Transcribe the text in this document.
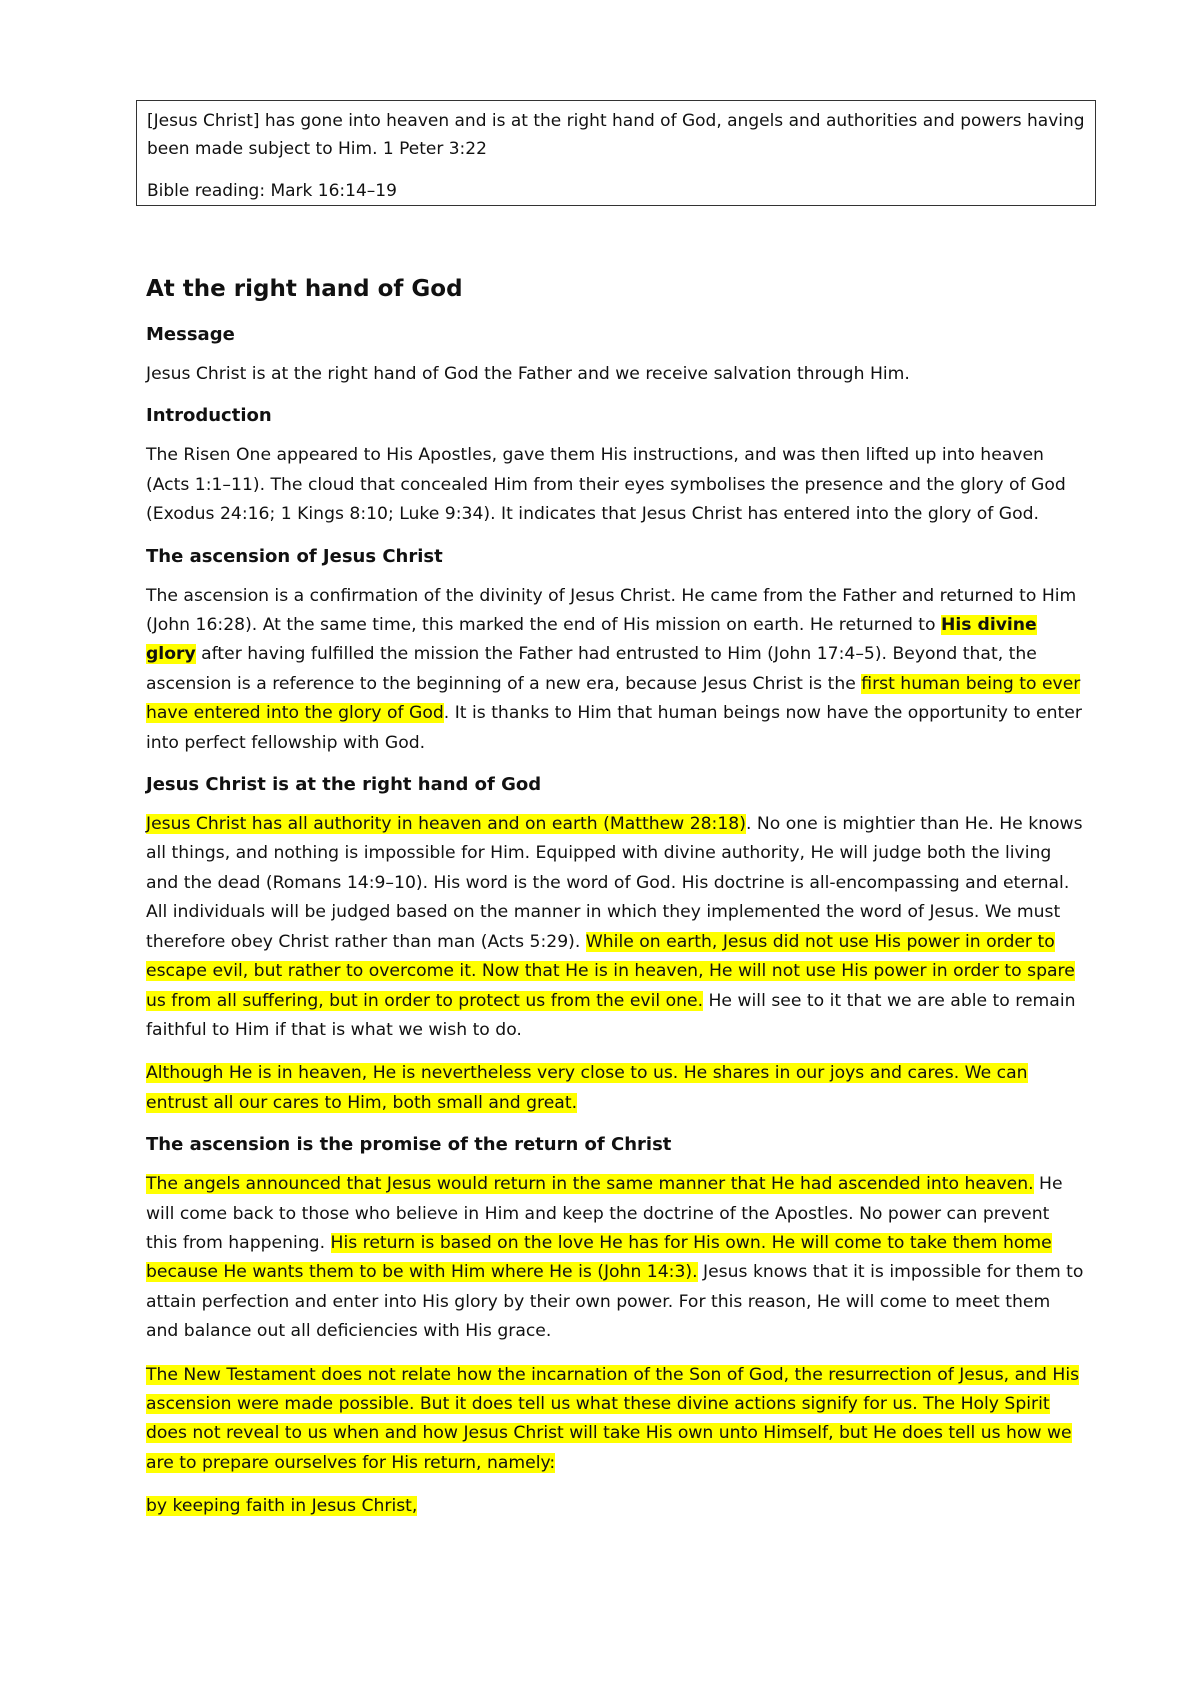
[Jesus Christ] has gone into heaven and is at the right hand of God, angels and authorities and powers having been made subject to Him. 1 Peter 3:22

Bible reading: Mark 16:14–19

At the right hand of God
Message

Jesus Christ is at the right hand of God the Father and we receive salvation through Him.

Introduction

The Risen One appeared to His Apostles, gave them His instructions, and was then lifted up into heaven (Acts 1:1–11). The cloud that concealed Him from their eyes symbolises the presence and the glory of God (Exodus 24:16; 1 Kings 8:10; Luke 9:34). It indicates that Jesus Christ has entered into the glory of God.

The ascension of Jesus Christ

The ascension is a confirmation of the divinity of Jesus Christ. He came from the Father and returned to Him (John 16:28). At the same time, this marked the end of His mission on earth. He returned to His divine glory after having fulfilled the mission the Father had entrusted to Him (John 17:4–5). Beyond that, the ascension is a reference to the beginning of a new era, because Jesus Christ is the first human being to ever have entered into the glory of God. It is thanks to Him that human beings now have the opportunity to enter into perfect fellowship with God.

Jesus Christ is at the right hand of God

Jesus Christ has all authority in heaven and on earth (Matthew 28:18). No one is mightier than He. He knows all things, and nothing is impossible for Him. Equipped with divine authority, He will judge both the living and the dead (Romans 14:9–10). His word is the word of God. His doctrine is all-encompassing and eternal. All individuals will be judged based on the manner in which they implemented the word of Jesus. We must therefore obey Christ rather than man (Acts 5:29). While on earth, Jesus did not use His power in order to escape evil, but rather to overcome it. Now that He is in heaven, He will not use His power in order to spare us from all suffering, but in order to protect us from the evil one. He will see to it that we are able to remain faithful to Him if that is what we wish to do.

Although He is in heaven, He is nevertheless very close to us. He shares in our joys and cares. We can entrust all our cares to Him, both small and great.

The ascension is the promise of the return of Christ

The angels announced that Jesus would return in the same manner that He had ascended into heaven. He will come back to those who believe in Him and keep the doctrine of the Apostles. No power can prevent this from happening. His return is based on the love He has for His own. He will come to take them home because He wants them to be with Him where He is (John 14:3). Jesus knows that it is impossible for them to attain perfection and enter into His glory by their own power. For this reason, He will come to meet them and balance out all deficiencies with His grace.

The New Testament does not relate how the incarnation of the Son of God, the resurrection of Jesus, and His ascension were made possible. But it does tell us what these divine actions signify for us. The Holy Spirit does not reveal to us when and how Jesus Christ will take His own unto Himself, but He does tell us how we are to prepare ourselves for His return, namely:

by keeping faith in Jesus Christ,
